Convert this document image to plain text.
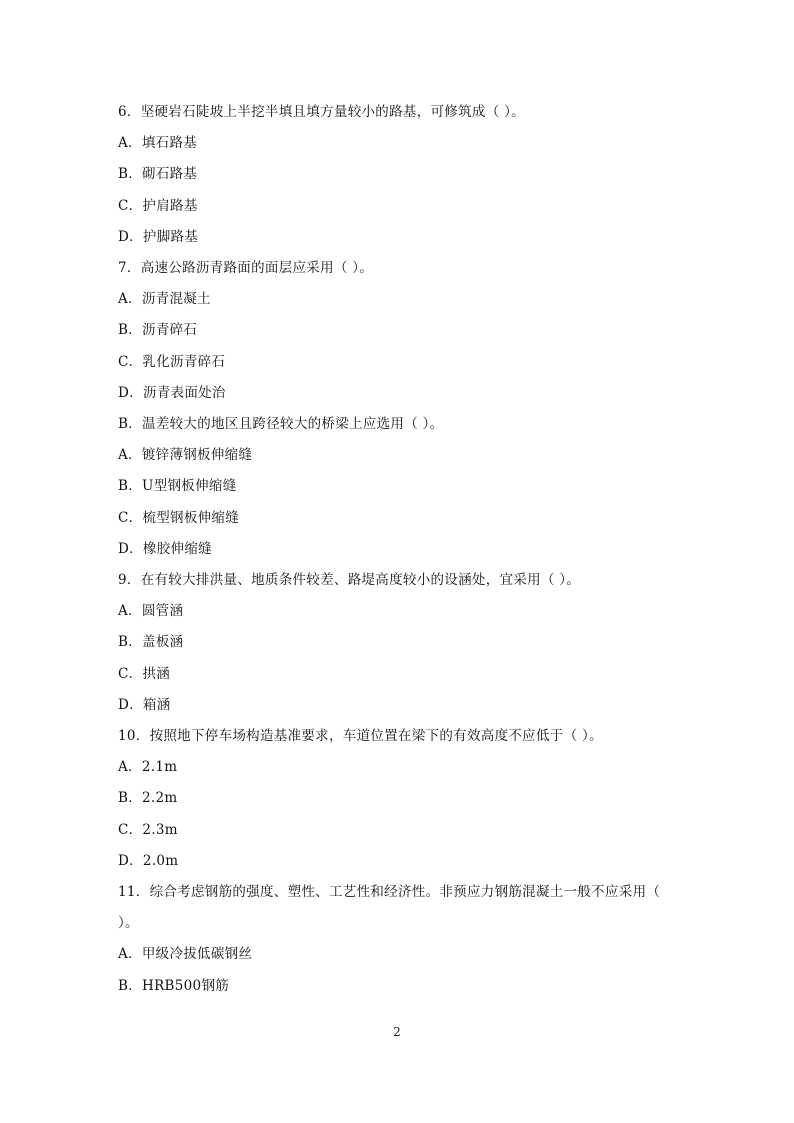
6．坚硬岩石陡坡上半挖半填且填方量较小的路基，可修筑成（ ）。
A．填石路基
B．砌石路基
C．护肩路基
D．护脚路基
7．高速公路沥青路面的面层应采用（ ）。
A．沥青混凝土
B．沥青碎石
C．乳化沥青碎石
D．沥青表面处治
B．温差较大的地区且跨径较大的桥梁上应选用（ ）。
A．镀锌薄钢板伸缩缝
B．U型钢板伸缩缝
C．梳型钢板伸缩缝
D．橡胶伸缩缝
9．在有较大排洪量、地质条件较差、路堤高度较小的设涵处，宜采用（ ）。
A．圆管涵
B．盖板涵
C．拱涵
D．箱涵
10．按照地下停车场构造基准要求，车道位置在梁下的有效高度不应低于（ ）。
A．2.1m
B．2.2m
C．2.3m
D．2.0m
11．综合考虑钢筋的强度、塑性、工艺性和经济性。非预应力钢筋混凝土一般不应采用（
）。
A．甲级冷拔低碳钢丝
B．HRB500钢筋
2
